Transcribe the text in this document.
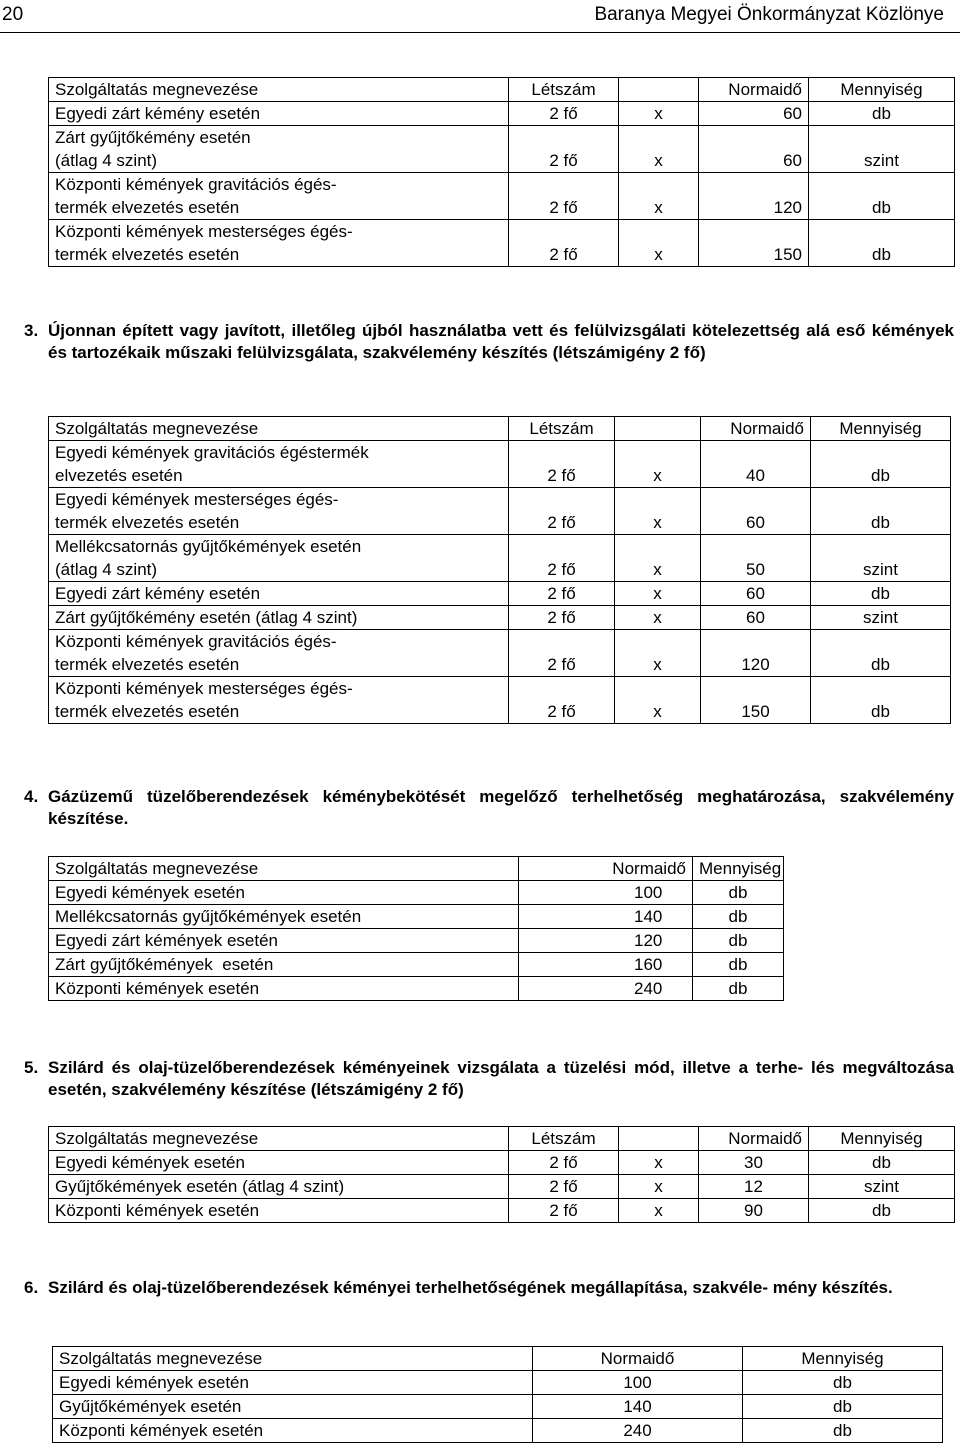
20	Baranya Megyei Önkormányzat Közlönye
Szolgáltatás megnevezése	Létszám		Normaidő	Mennyiség
Egyedi zárt kémény esetén	2 fő	x	60	db
Zárt gyűjtőkémény esetén
(átlag 4 szint)	2 fő	x	60	szint
Központi kémények gravitációs égés-
termék elvezetés esetén	2 fő	x	120	db
Központi kémények mesterséges égés-
termék elvezetés esetén	2 fő	x	150	db
3. Újonnan épített vagy javított, illetőleg újból használatba vett és felülvizsgálati kötelezettség alá eső kémények és tartozékaik műszaki felülvizsgálata, szakvélemény készítés (létszámigény 2 fő)
Szolgáltatás megnevezése	Létszám		Normaidő	Mennyiség
Egyedi kémények gravitációs égéstermék
elvezetés esetén	2 fő	x	40	db
Egyedi kémények mesterséges égés-
termék elvezetés esetén	2 fő	x	60	db
Mellékcsatornás gyűjtőkémények esetén
(átlag 4 szint)	2 fő	x	50	szint
Egyedi zárt kémény esetén	2 fő	x	60	db
Zárt gyűjtőkémény esetén (átlag 4 szint)	2 fő	x	60	szint
Központi kémények gravitációs égés-
termék elvezetés esetén	2 fő	x	120	db
Központi kémények mesterséges égés-
termék elvezetés esetén	2 fő	x	150	db
4. Gázüzemű tüzelőberendezések kéménybekötését megelőző terhelhetőség meghatározása, szakvélemény készítése.
Szolgáltatás megnevezése	Normaidő	Mennyiség
Egyedi kémények esetén	100	db
Mellékcsatornás gyűjtőkémények esetén	140	db
Egyedi zárt kémények esetén	120	db
Zárt gyűjtőkémények  esetén	160	db
Központi kémények esetén	240	db
5. Szilárd és olaj-tüzelőberendezések kéményeinek vizsgálata a tüzelési mód, illetve a terhe- lés megváltozása esetén, szakvélemény készítése (létszámigény 2 fő)
Szolgáltatás megnevezése	Létszám		Normaidő	Mennyiség
Egyedi kémények esetén	2 fő	x	30	db
Gyűjtőkémények esetén (átlag 4 szint)	2 fő	x	12	szint
Központi kémények esetén	2 fő	x	90	db
6. Szilárd és olaj-tüzelőberendezések kéményei terhelhetőségének megállapítása, szakvéle- mény készítés.
Szolgáltatás megnevezése	Normaidő	Mennyiség
Egyedi kémények esetén	100	db
Gyűjtőkémények esetén	140	db
Központi kémények esetén	240	db
